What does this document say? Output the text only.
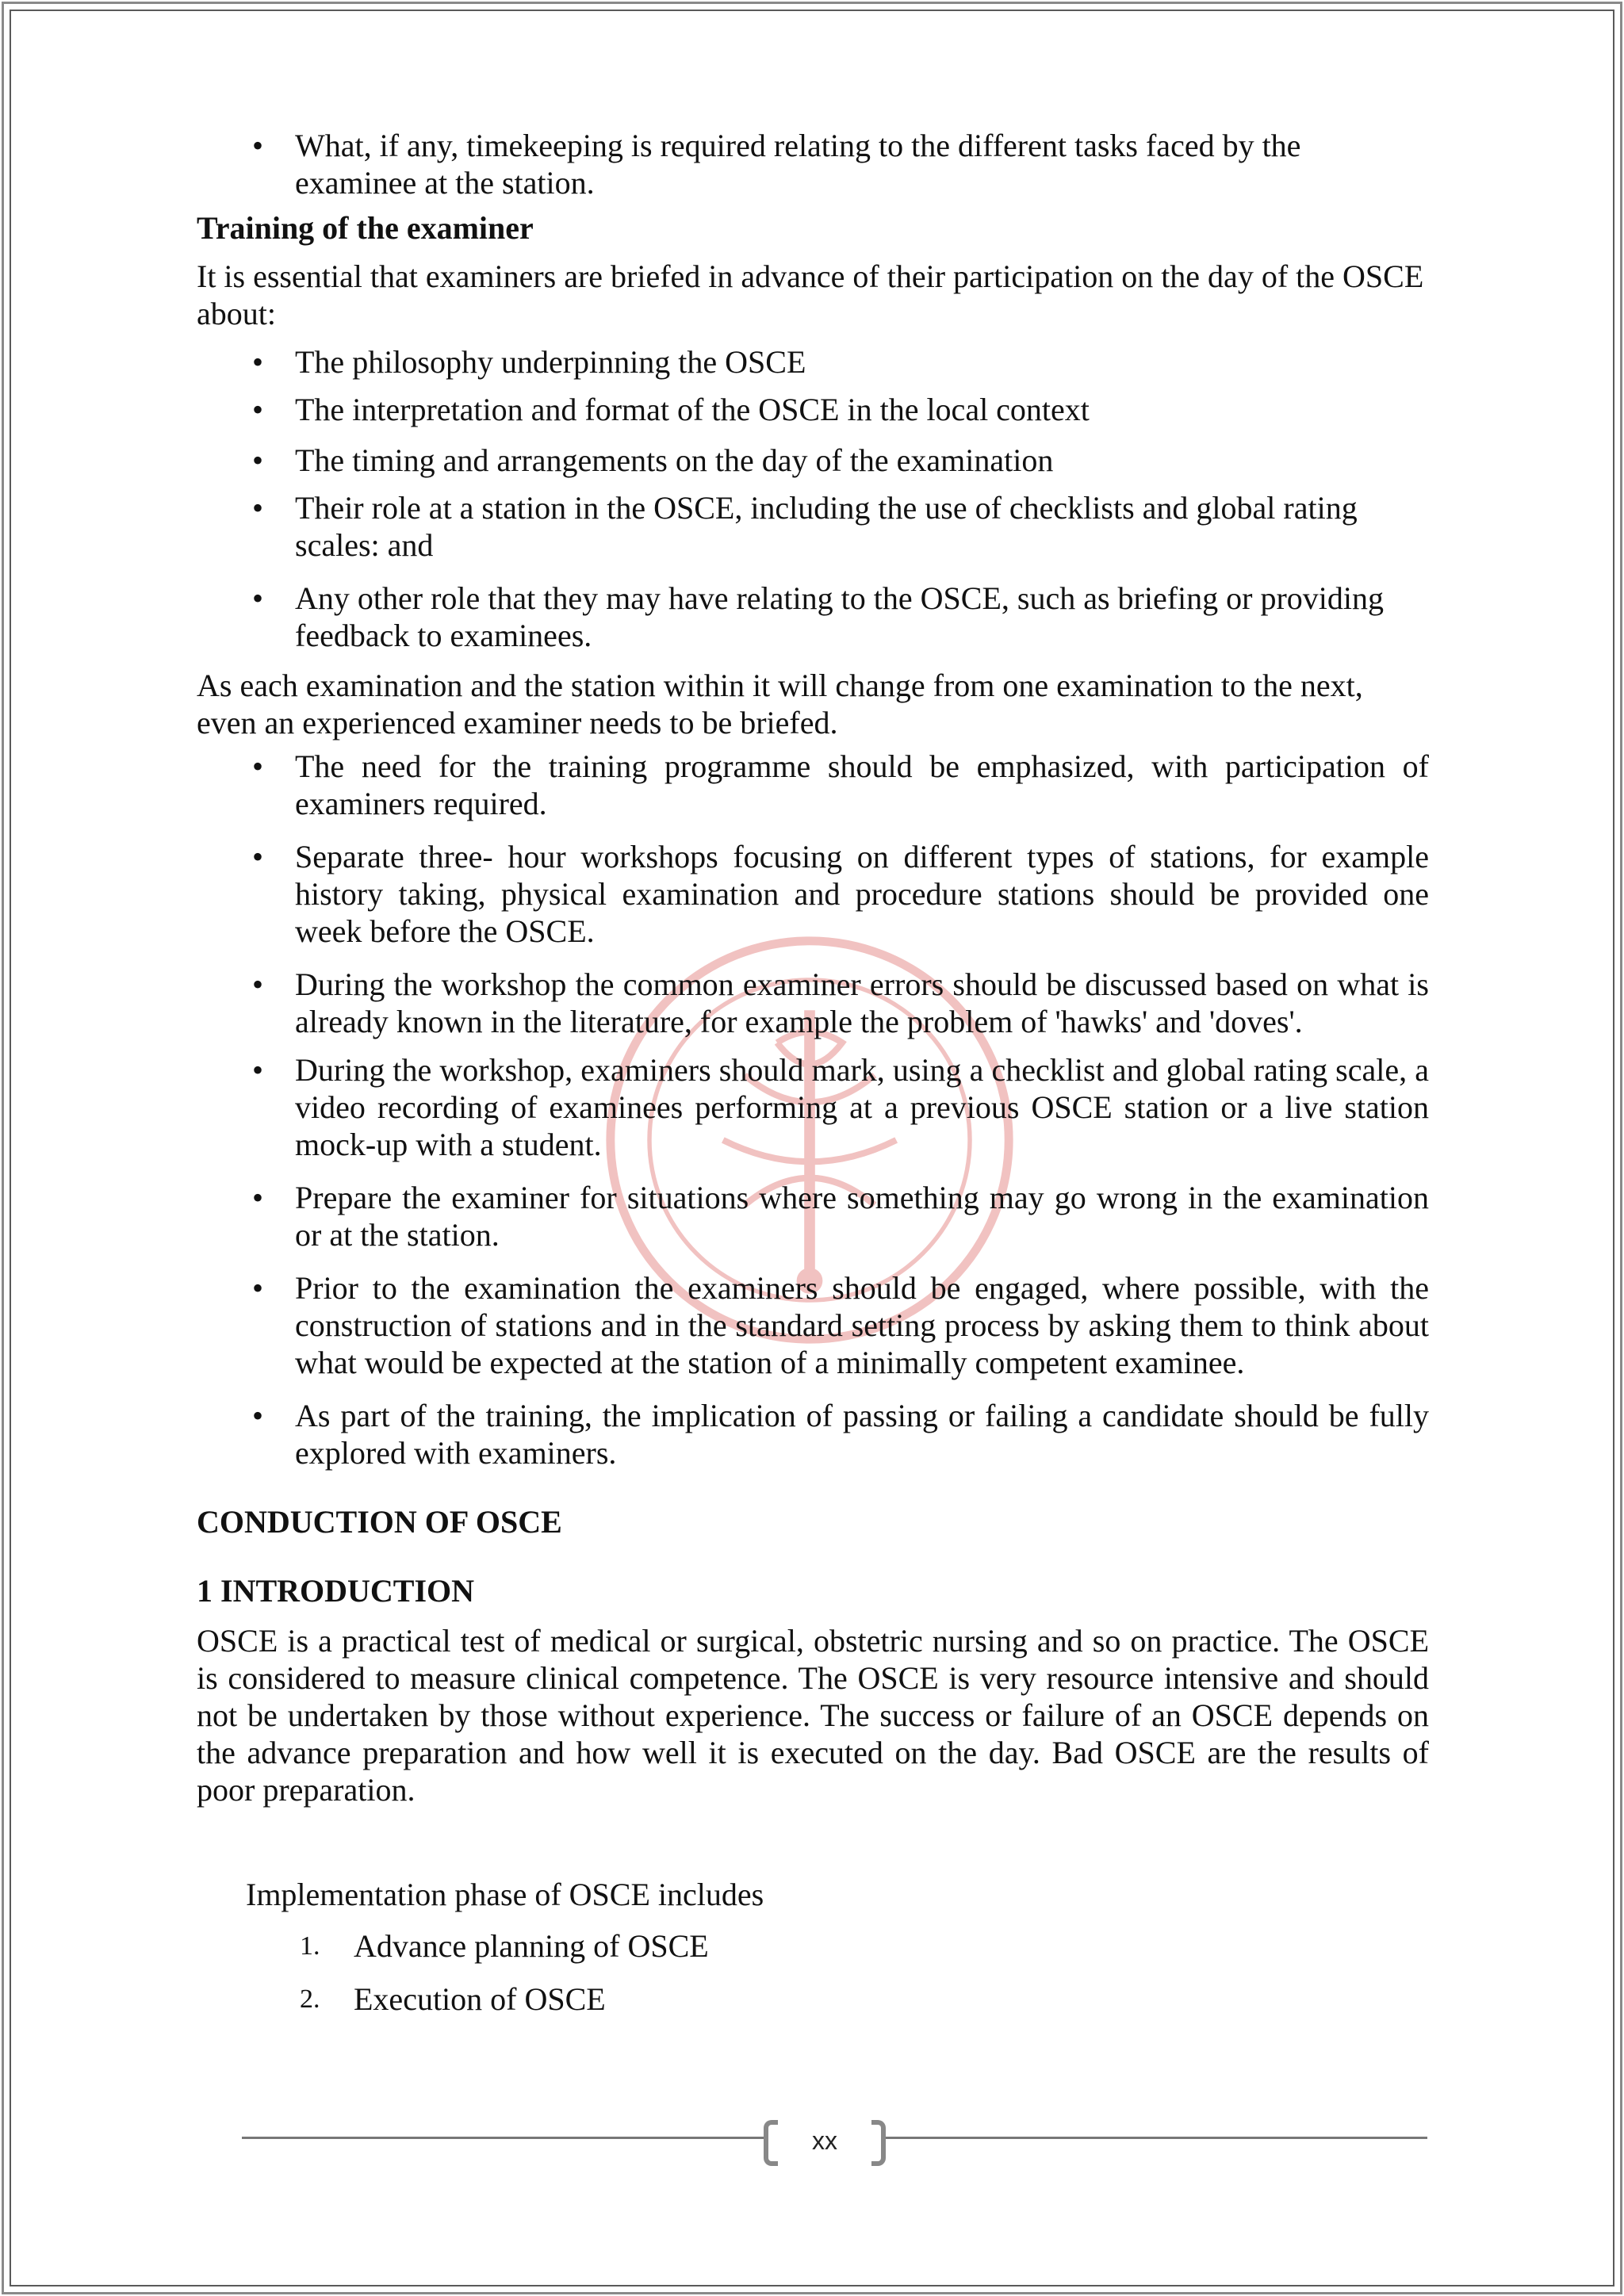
• What, if any, timekeeping is required relating to the different tasks faced by the examinee at the station.

Training of the examiner

It is essential that examiners are briefed in advance of their participation on the day of the OSCE about:

• The philosophy underpinning the OSCE
• The interpretation and format of the OSCE in the local context
• The timing and arrangements on the day of the examination
• Their role at a station in the OSCE, including the use of checklists and global rating scales: and
• Any other role that they may have relating to the OSCE, such as briefing or providing feedback to examinees.

As each examination and the station within it will change from one examination to the next, even an experienced examiner needs to be briefed.

• The need for the training programme should be emphasized, with participation of examiners required.
• Separate three- hour workshops focusing on different types of stations, for example history taking, physical examination and procedure stations should be provided one week before the OSCE.
• During the workshop the common examiner errors should be discussed based on what is already known in the literature, for example the problem of 'hawks' and 'doves'.
• During the workshop, examiners should mark, using a checklist and global rating scale, a video recording of examinees performing at a previous OSCE station or a live station mock-up with a student.
• Prepare the examiner for situations where something may go wrong in the examination or at the station.
• Prior to the examination the examiners should be engaged, where possible, with the construction of stations and in the standard setting process by asking them to think about what would be expected at the station of a minimally competent examinee.
• As part of the training, the implication of passing or failing a candidate should be fully explored with examiners.

CONDUCTION OF OSCE

1 INTRODUCTION

OSCE is a practical test of medical or surgical, obstetric nursing and so on practice. The OSCE is considered to measure clinical competence. The OSCE is very resource intensive and should not be undertaken by those without experience. The success or failure of an OSCE depends on the advance preparation and how well it is executed on the day. Bad OSCE are the results of poor preparation.

Implementation phase of OSCE includes

1. Advance planning of OSCE
2. Execution of OSCE
xx
